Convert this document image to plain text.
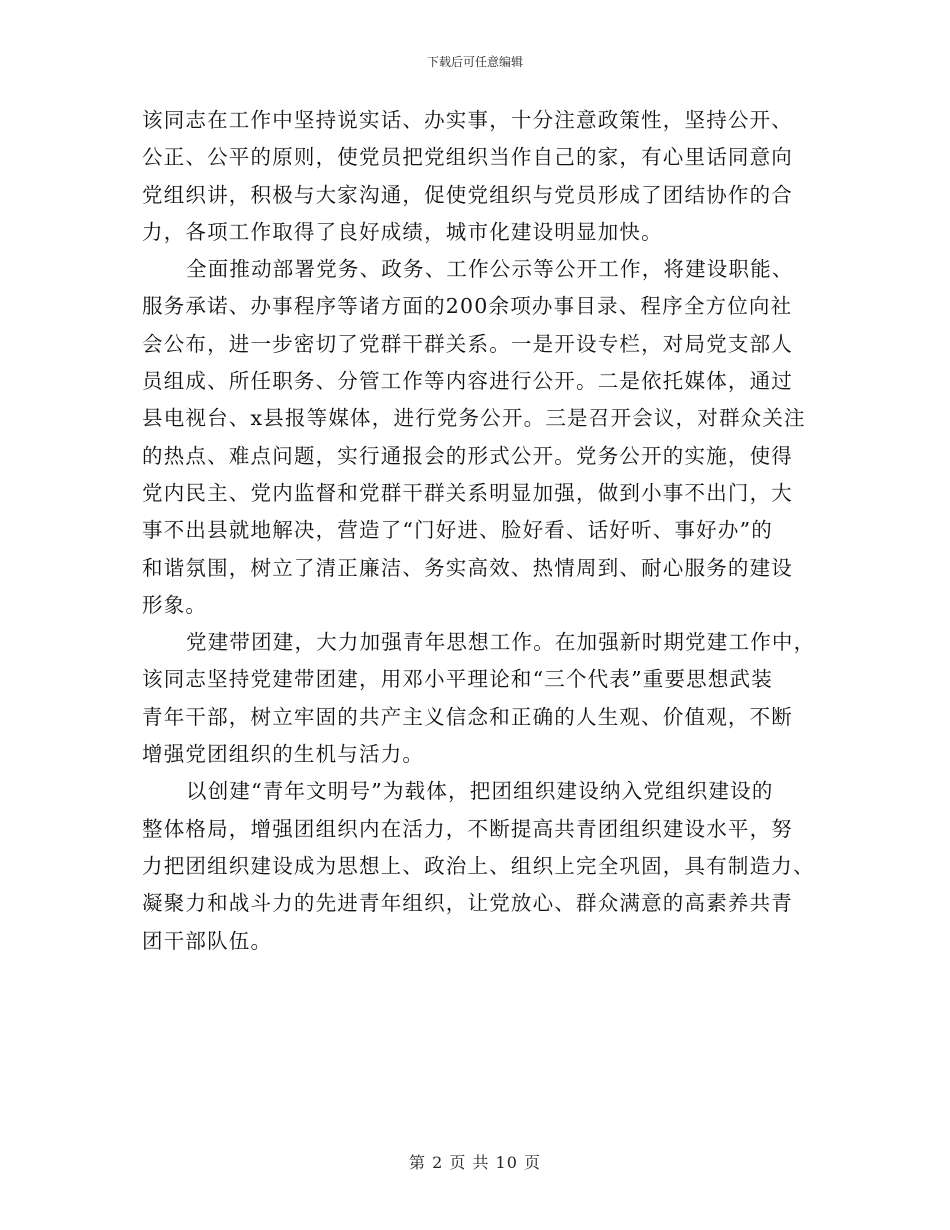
下载后可任意编辑
该同志在工作中坚持说实话、办实事，十分注意政策性，坚持公开、
公正、公平的原则，使党员把党组织当作自己的家，有心里话同意向
党组织讲，积极与大家沟通，促使党组织与党员形成了团结协作的合
力，各项工作取得了良好成绩，城市化建设明显加快。
全面推动部署党务、政务、工作公示等公开工作，将建设职能、
服务承诺、办事程序等诸方面的200余项办事目录、程序全方位向社
会公布，进一步密切了党群干群关系。一是开设专栏，对局党支部人
员组成、所任职务、分管工作等内容进行公开。二是依托媒体，通过
县电视台、x县报等媒体，进行党务公开。三是召开会议，对群众关注
的热点、难点问题，实行通报会的形式公开。党务公开的实施，使得
党内民主、党内监督和党群干群关系明显加强，做到小事不出门，大
事不出县就地解决，营造了“门好进、脸好看、话好听、事好办”的
和谐氛围，树立了清正廉洁、务实高效、热情周到、耐心服务的建设
形象。
党建带团建，大力加强青年思想工作。在加强新时期党建工作中，
该同志坚持党建带团建，用邓小平理论和“三个代表”重要思想武装
青年干部，树立牢固的共产主义信念和正确的人生观、价值观，不断
增强党团组织的生机与活力。
以创建“青年文明号”为载体，把团组织建设纳入党组织建设的
整体格局，增强团组织内在活力，不断提高共青团组织建设水平，努
力把团组织建设成为思想上、政治上、组织上完全巩固，具有制造力、
凝聚力和战斗力的先进青年组织，让党放心、群众满意的高素养共青
团干部队伍。
第 2 页 共 10 页
